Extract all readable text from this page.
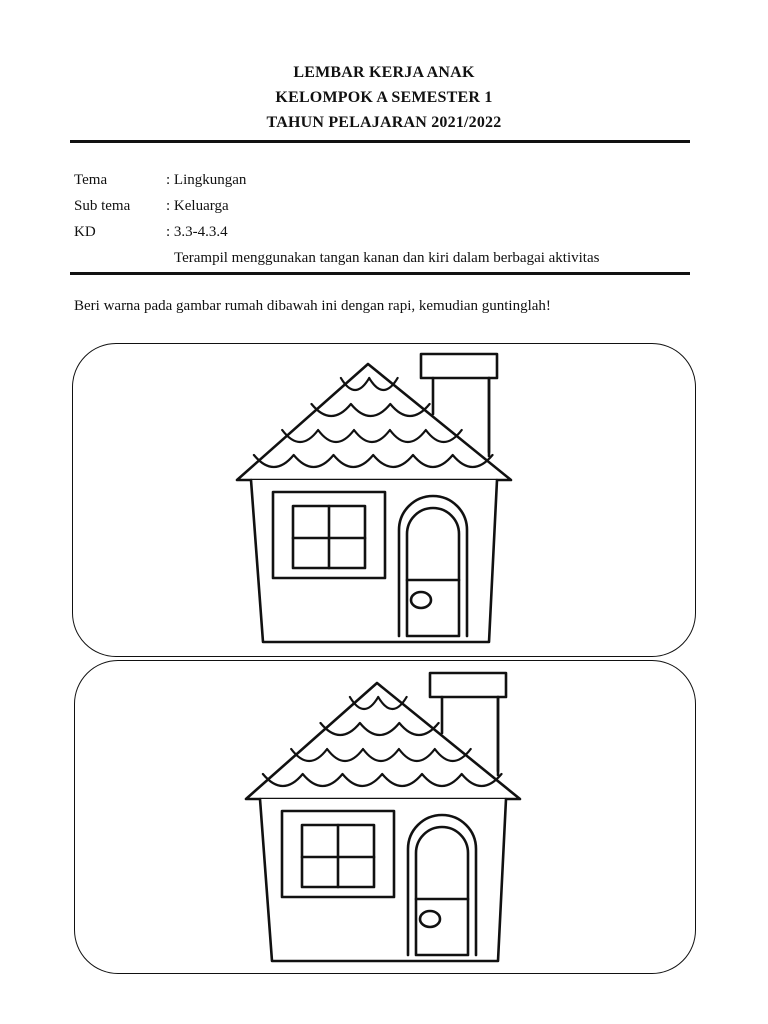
LEMBAR KERJA ANAK
KELOMPOK A SEMESTER 1
TAHUN PELAJARAN 2021/2022
Tema	: Lingkungan
Sub tema : Keluarga
KD	: 3.3-4.3.4
Terampil menggunakan tangan kanan dan kiri dalam berbagai aktivitas
Beri warna pada gambar rumah dibawah ini dengan rapi, kemudian guntinglah!
